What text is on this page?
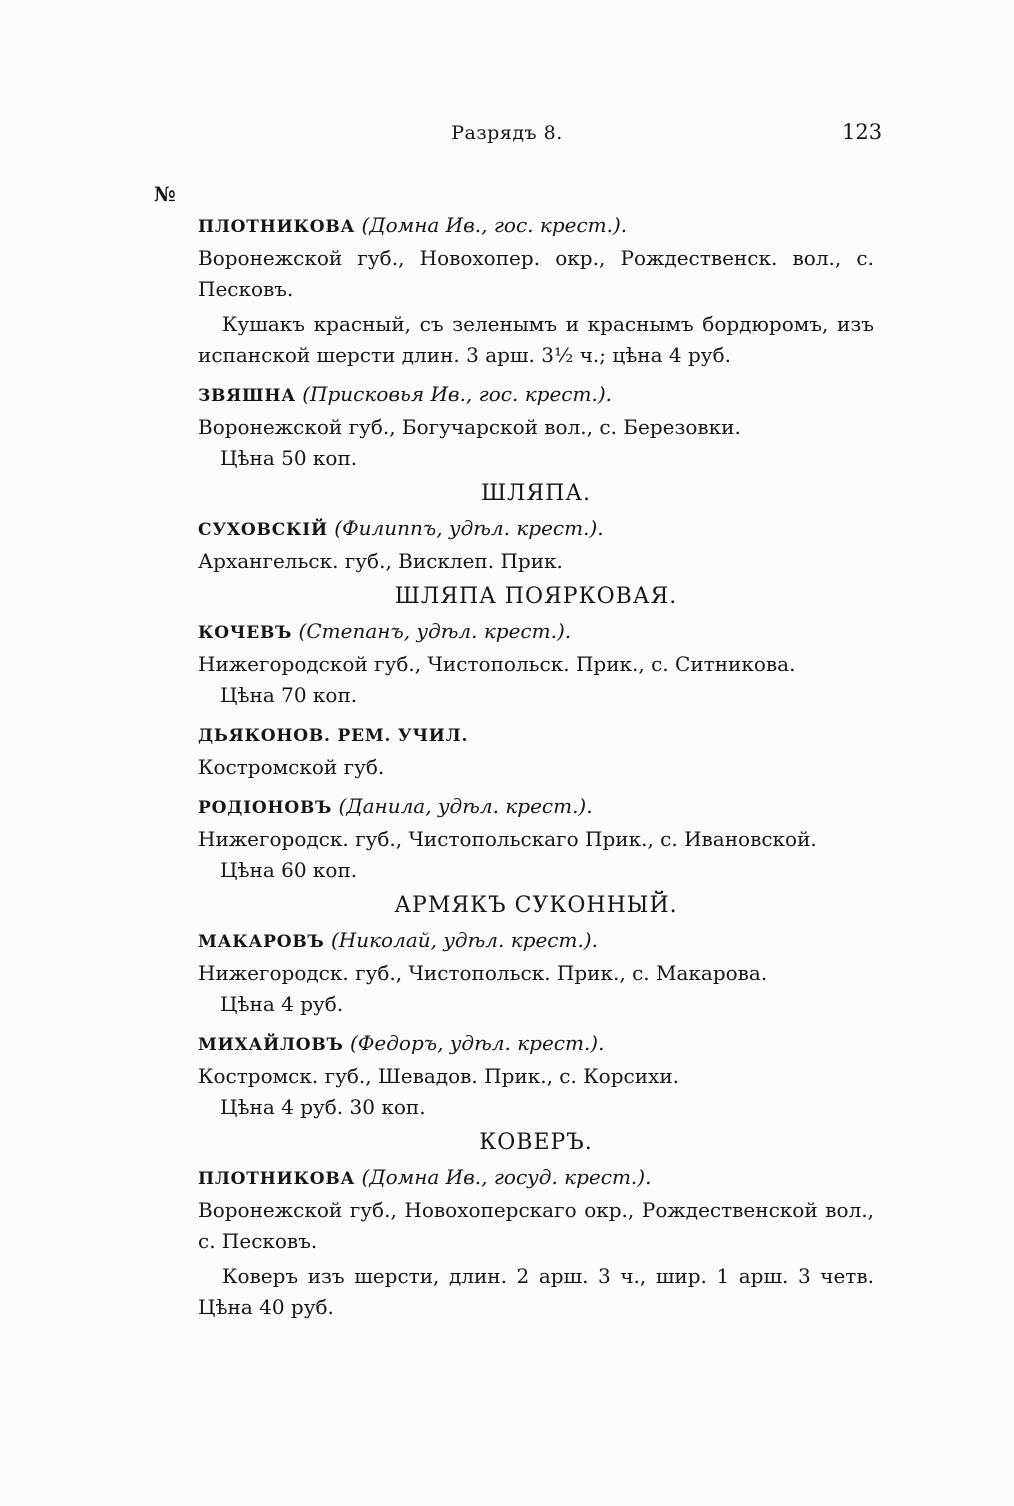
Разрядъ 8.	123
№
ПЛОТНИКОВА (Домна Ив., гос. крест.).
Воронежской губ., Новохопер. окр., Рождественск. вол., с. Песковъ.
Кушакъ красный, съ зеленымъ и краснымъ бордюромъ, изъ испанской шерсти длин. 3 арш. 3½ ч.; цѣна 4 руб.
ЗВЯШНА (Присковья Ив., гос. крест.).
Воронежской губ., Богучарской вол., с. Березовки.
Цѣна 50 коп.
ШЛЯПА.
СУХОВСКІЙ (Филиппъ, удѣл. крест.).
Архангельск. губ., Висклеп. Прик.
ШЛЯПА ПОЯРКОВАЯ.
КОЧЕВЪ (Степанъ, удѣл. крест.).
Нижегородской губ., Чистопольск. Прик., с. Ситникова.
Цѣна 70 коп.
ДЬЯКОНОВ. РЕМ. УЧИЛ.
Костромской губ.
РОДІОНОВЪ (Данила, удѣл. крест.).
Нижегородск. губ., Чистопольскаго Прик., с. Ивановской.
Цѣна 60 коп.
АРМЯКЪ СУКОННЫЙ.
МАКАРОВЪ (Николай, удѣл. крест.).
Нижегородск. губ., Чистопольск. Прик., с. Макарова.
Цѣна 4 руб.
МИХАЙЛОВЪ (Федоръ, удѣл. крест.).
Костромск. губ., Шевадов. Прик., с. Корсихи.
Цѣна 4 руб. 30 коп.
КОВЕРЪ.
ПЛОТНИКОВА (Домна Ив., госуд. крест.).
Воронежской губ., Новохоперскаго окр., Рождественской вол., с. Песковъ.
Коверъ изъ шерсти, длин. 2 арш. 3 ч., шир. 1 арш. 3 четв. Цѣна 40 руб.
